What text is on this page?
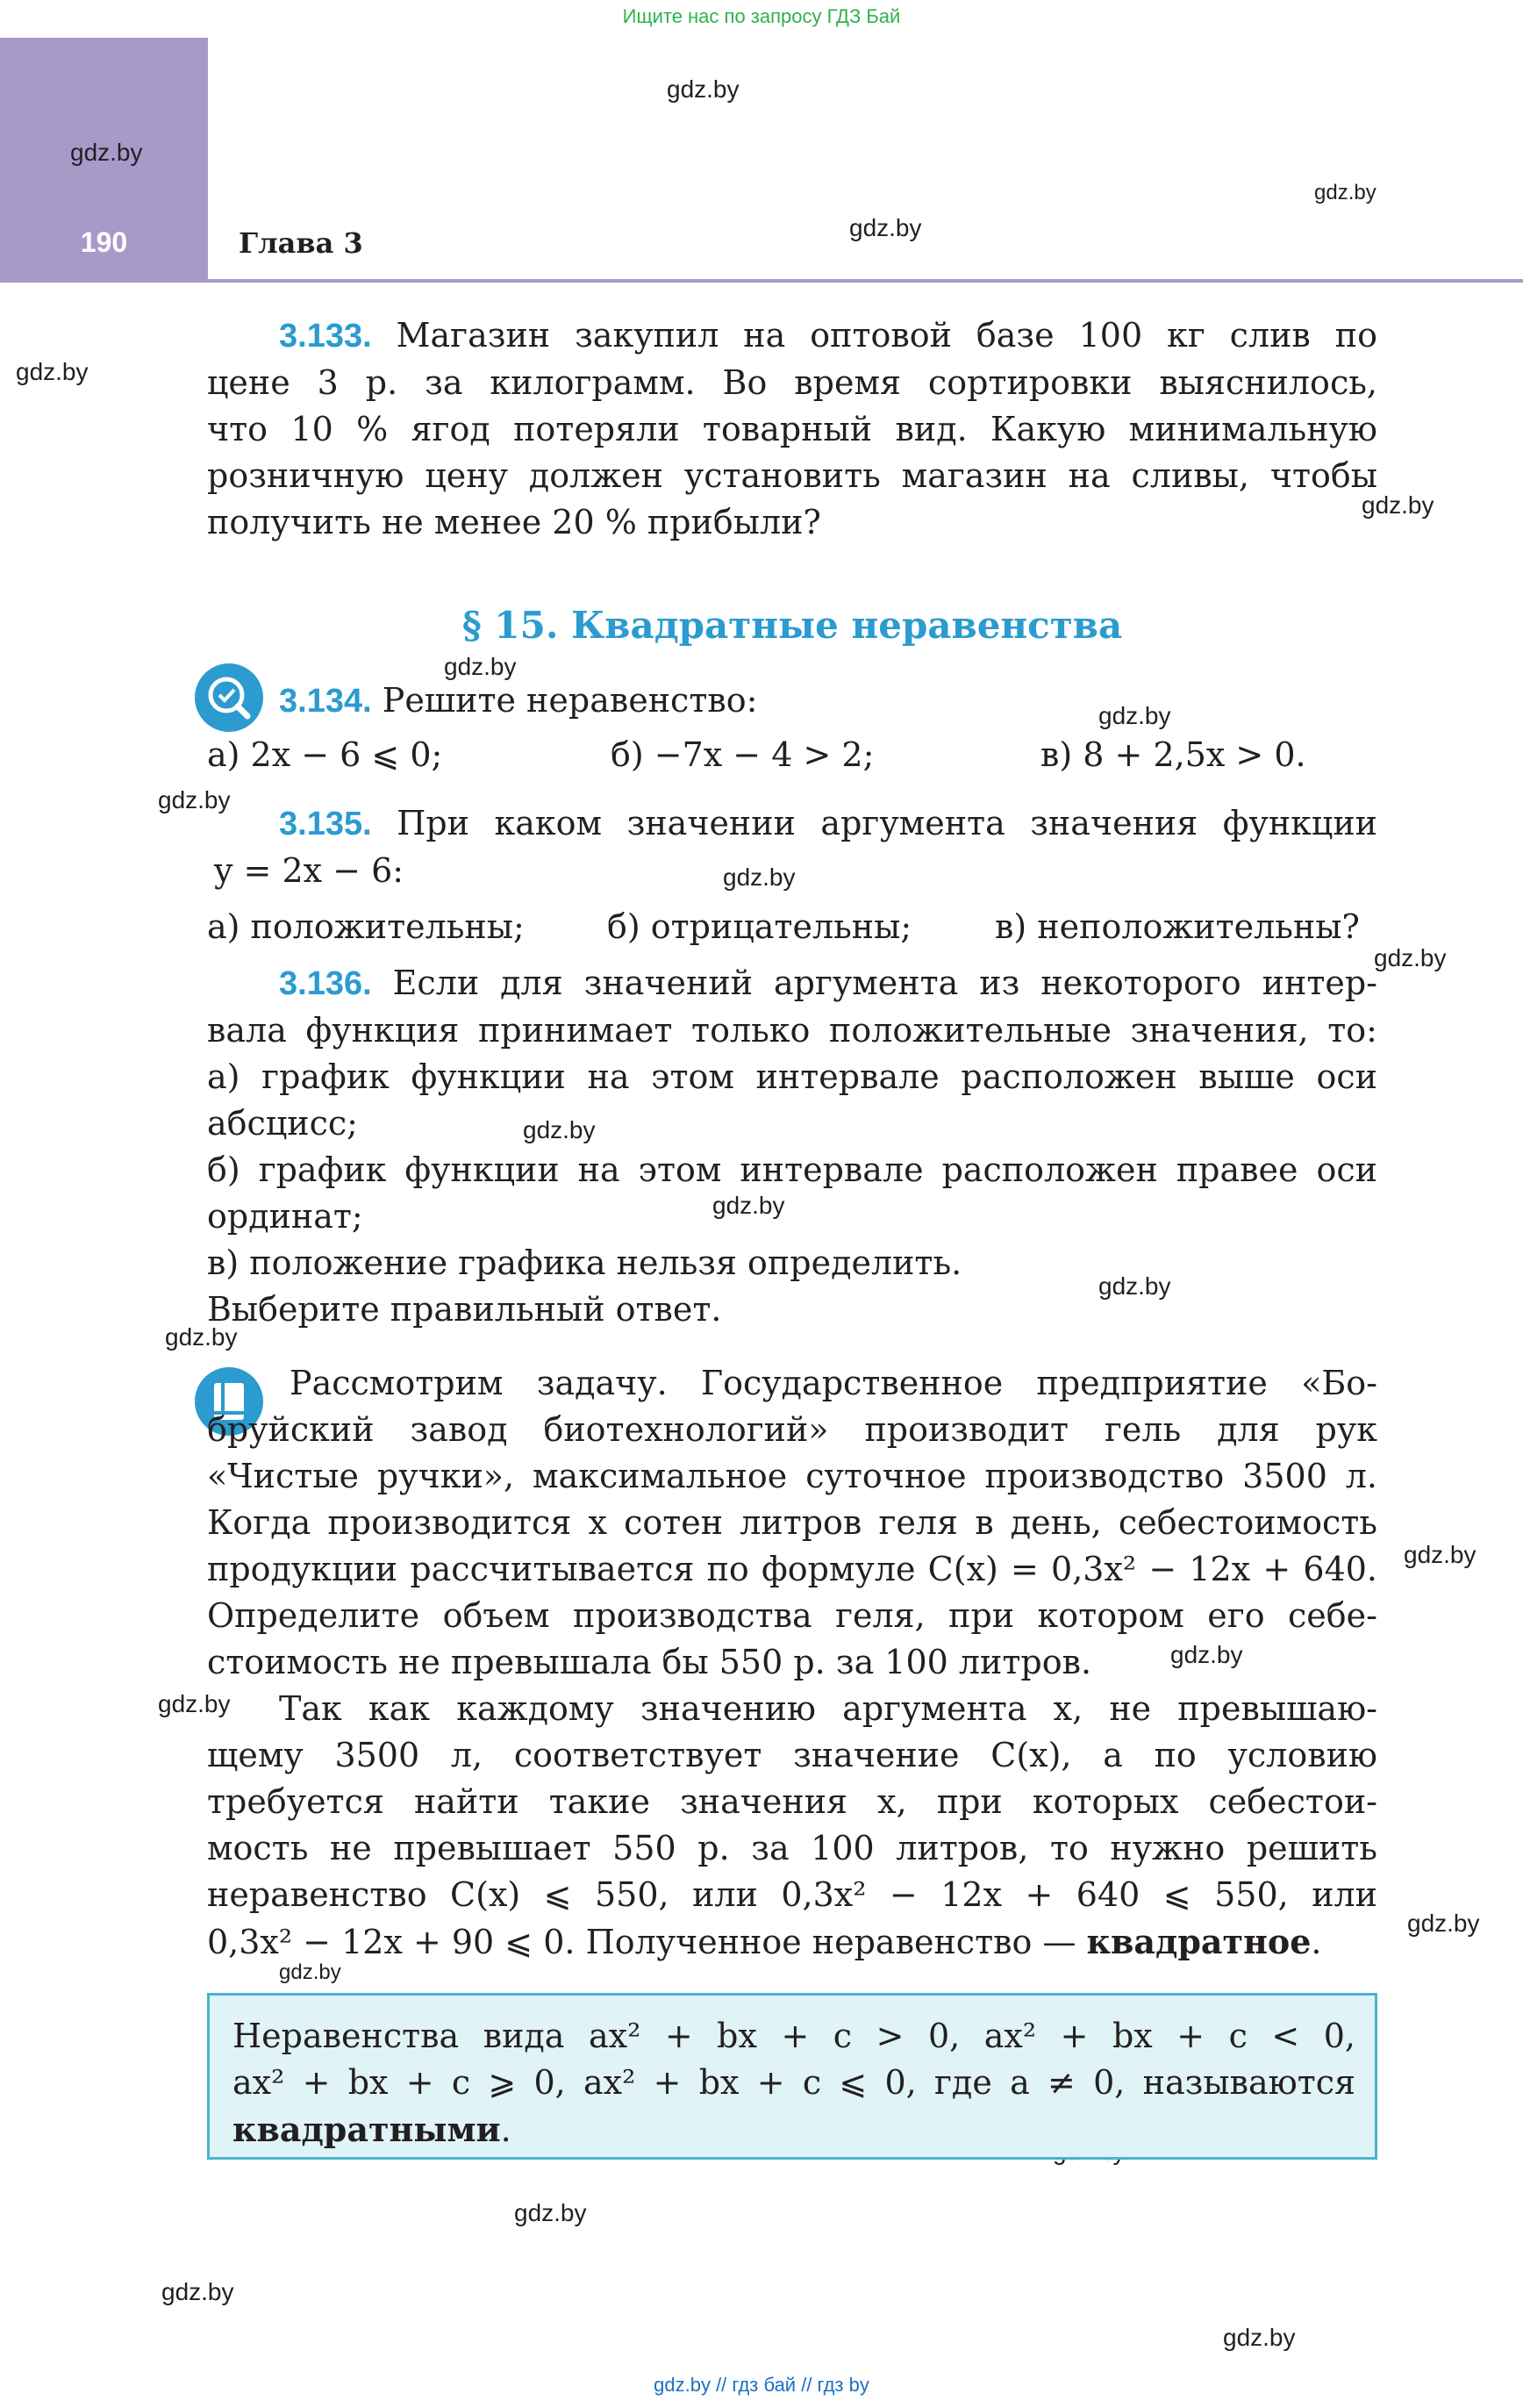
Ищите нас по запросу ГДЗ Бай
190	Глава 3
gdz.by
gdz.by
gdz.by
gdz.by
gdz.by
gdz.by
gdz.by
gdz.by
gdz.by
gdz.by
gdz.by
gdz.by
gdz.by
gdz.by
gdz.by
gdz.by
gdz.by
gdz.by
gdz.by
gdz.by
gdz.by
gdz.by
gdz.by
3.133. Магазин закупил на оптовой базе 100 кг слив по
цене 3 р. за килограмм. Во время сортировки выяснилось,
что 10 % ягод потеряли товарный вид. Какую минимальную
розничную цену должен установить магазин на сливы, чтобы
получить не менее 20 % прибыли?
§ 15. Квадратные неравенства
3.134. Решите неравенство:
а) 2x − 6 ⩽ 0;	б) −7x − 4 > 2;	в) 8 + 2,5x > 0.
3.135. При каком значении аргумента значения функции
y = 2x − 6:
а) положительны; б) отрицательны; в) неположительны?
3.136. Если для значений аргумента из некоторого интер-
вала функция принимает только положительные значения, то:
а) график функции на этом интервале расположен выше оси
абсцисс;
б) график функции на этом интервале расположен правее оси
ординат;
в) положение графика нельзя определить.
Выберите правильный ответ.
Рассмотрим задачу. Государственное предприятие «Бо-
бруйский завод биотехнологий» производит гель для рук
«Чистые ручки», максимальное суточное производство 3500 л.
Когда производится x сотен литров геля в день, себестоимость
продукции рассчитывается по формуле C(x) = 0,3x² − 12x + 640.
Определите объем производства геля, при котором его себе-
стоимость не превышала бы 550 р. за 100 литров.
Так как каждому значению аргумента x, не превышаю-
щему 3500 л, соответствует значение C(x), а по условию
требуется найти такие значения x, при которых себестои-
мость не превышает 550 р. за 100 литров, то нужно решить
неравенство C(x) ⩽ 550, или 0,3x² − 12x + 640 ⩽ 550, или
0,3x² − 12x + 90 ⩽ 0. Полученное неравенство — квадратное.
Неравенства вида ax² + bx + c > 0, ax² + bx + c < 0,
ax² + bx + c ⩾ 0, ax² + bx + c ⩽ 0, где a ≠ 0, называются
квадратными.
gdz.by // гдз бай // гдз by
